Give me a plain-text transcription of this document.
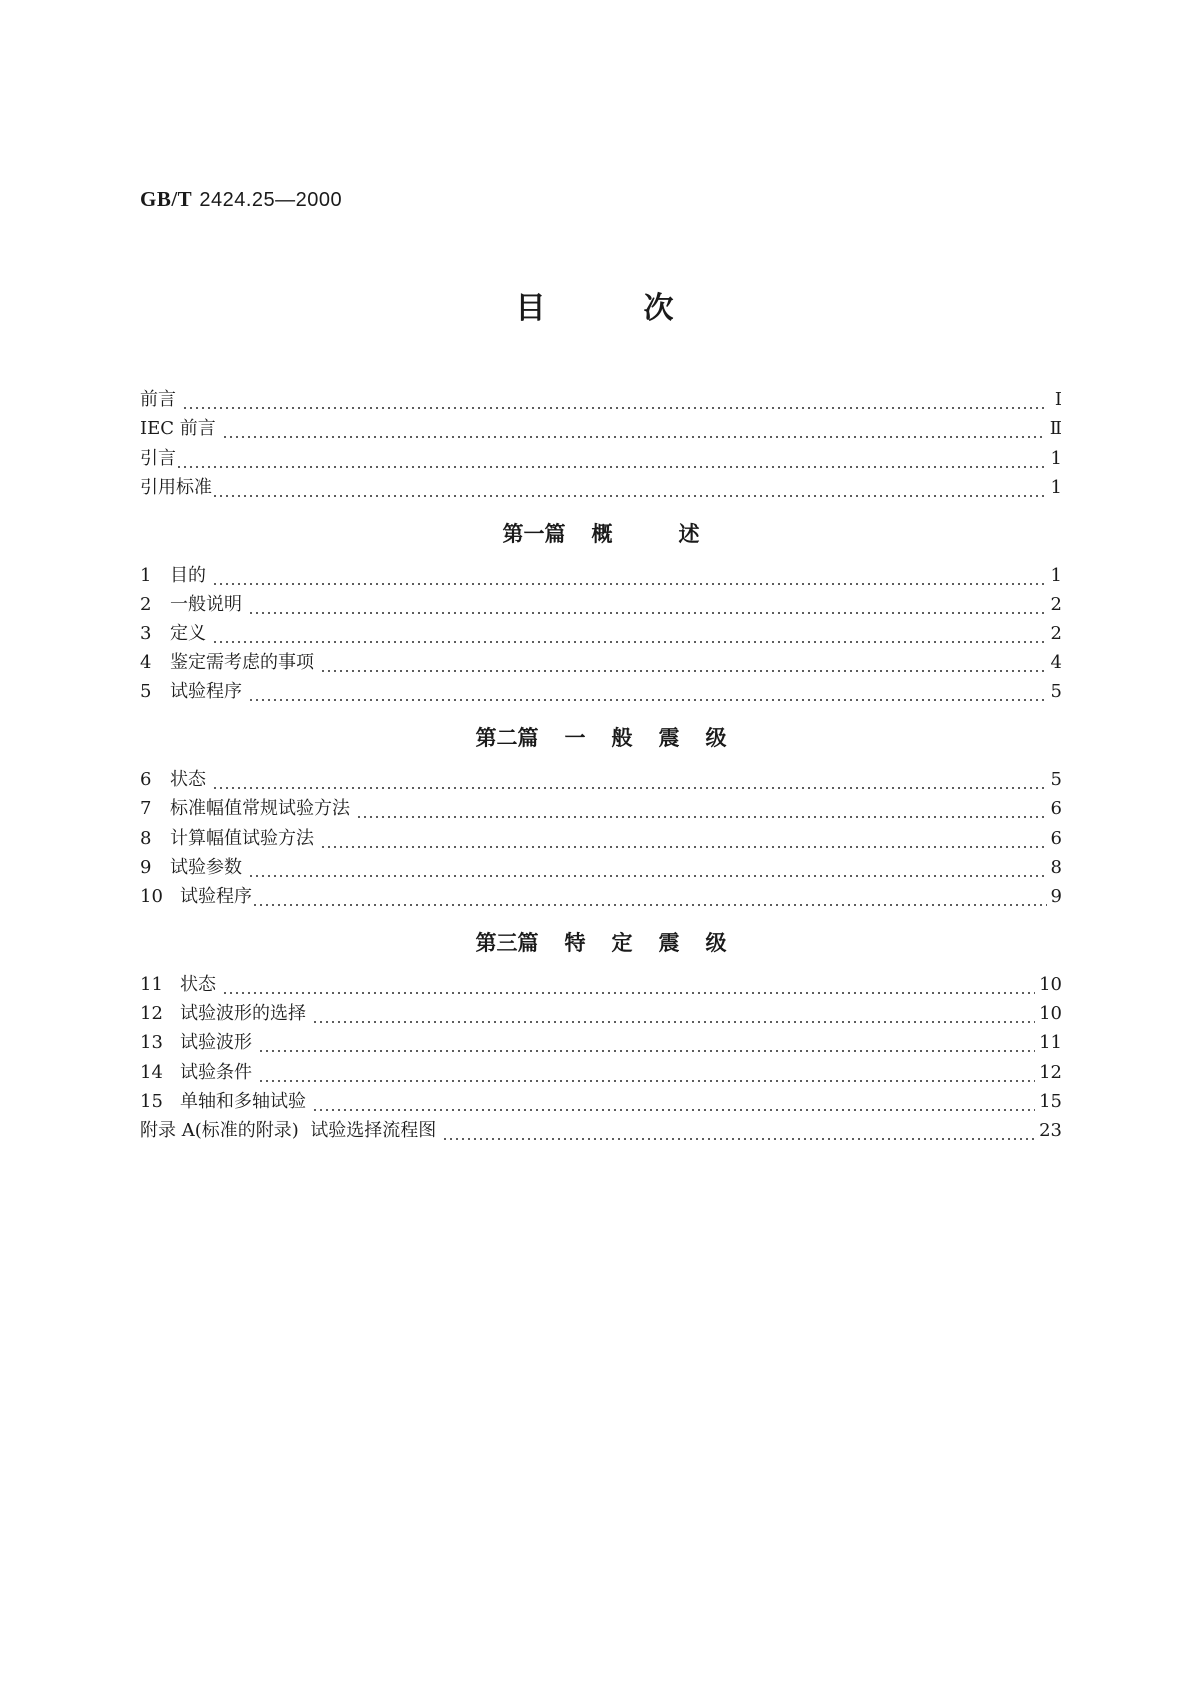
GB/T 2424.25—2000
目	次
前言	Ⅰ
IEC 前言	Ⅱ
引言	1
引用标准	1
第一篇 概	述
1	目的	1
2	一般说明	2
3	定义	2
4	鉴定需考虑的事项	4
5	试验程序	5
第二篇 一 般 震 级
6	状态	5
7	标准幅值常规试验方法	6
8	计算幅值试验方法	6
9	试验参数	8
10 试验程序	9
第三篇 特 定 震 级
11 状态	10
12 试验波形的选择	10
13 试验波形	11
14 试验条件	12
15 单轴和多轴试验	15
附录 A(标准的附录)  试验选择流程图	23
